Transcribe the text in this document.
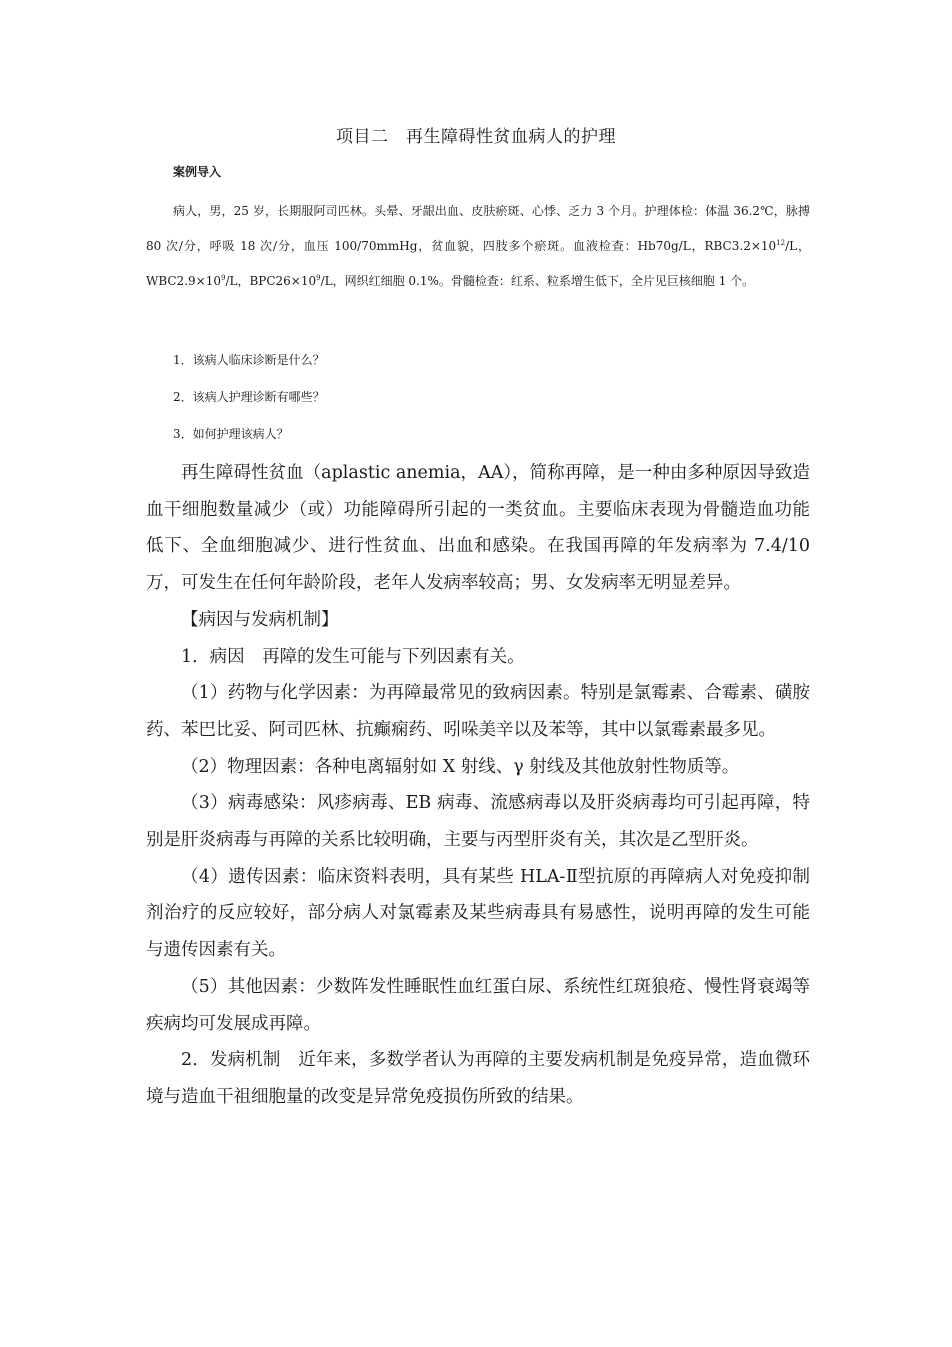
项目二　再生障碍性贫血病人的护理
案例导入

病人，男，25 岁，长期服阿司匹林。头晕、牙龈出血、皮肤瘀斑、心悸、乏力 3 个月。护理体检：体温 36.2℃，脉搏 80 次/分，呼吸 18 次/分，血压 100/70mmHg，贫血貌，四肢多个瘀斑。血液检查：Hb70g/L，$RBC3.2\times 10^{12}/L$，$WBC2.9\times 10^9/L$，$BPC26\times 10^9/L$，网织红细胞 0.1%。骨髓检查：红系、粒系增生低下，全片见巨核细胞 1 个。

1．该病人临床诊断是什么？

2．该病人护理诊断有哪些？

3．如何护理该病人？

再生障碍性贫血（aplastic anemia，AA），简称再障，是一种由多种原因导致造血干细胞数量减少（或）功能障碍所引起的一类贫血。主要临床表现为骨髓造血功能低下、全血细胞减少、进行性贫血、出血和感染。在我国再障的年发病率为 7.4/10 万，可发生在任何年龄阶段，老年人发病率较高；男、女发病率无明显差异。

【病因与发病机制】

1．病因　再障的发生可能与下列因素有关。

（1）药物与化学因素：为再障最常见的致病因素。特别是氯霉素、合霉素、磺胺药、苯巴比妥、阿司匹林、抗癫痫药、吲哚美辛以及苯等，其中以氯霉素最多见。

（2）物理因素：各种电离辐射如 X 射线、γ 射线及其他放射性物质等。

（3）病毒感染：风疹病毒、EB 病毒、流感病毒以及肝炎病毒均可引起再障，特别是肝炎病毒与再障的关系比较明确，主要与丙型肝炎有关，其次是乙型肝炎。

（4）遗传因素：临床资料表明，具有某些 HLA-Ⅱ型抗原的再障病人对免疫抑制剂治疗的反应较好，部分病人对氯霉素及某些病毒具有易感性，说明再障的发生可能与遗传因素有关。

（5）其他因素：少数阵发性睡眠性血红蛋白尿、系统性红斑狼疮、慢性肾衰竭等疾病均可发展成再障。

2．发病机制　近年来，多数学者认为再障的主要发病机制是免疫异常，造血微环境与造血干祖细胞量的改变是异常免疫损伤所致的结果。
